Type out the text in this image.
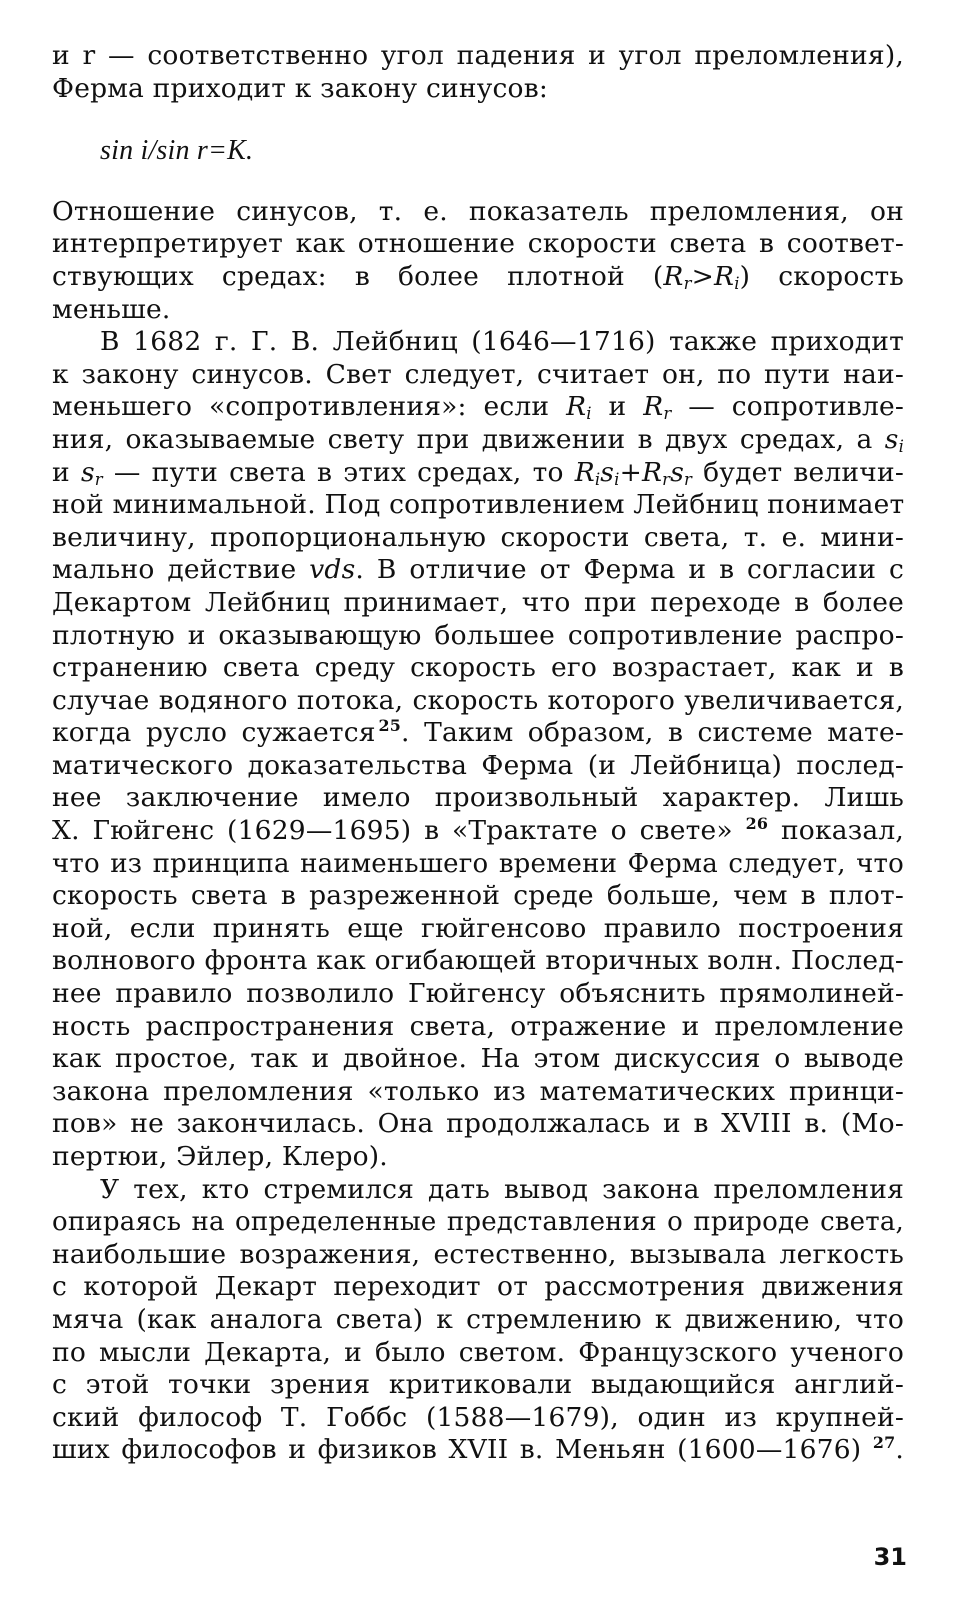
и r — соответственно угол падения и угол преломления),
Ферма приходит к закону синусов:
sin i/sin r=K.
Отношение синусов, т. е. показатель преломления, он
интерпретирует как отношение скорости света в соответ-
ствующих средах: в более плотной $(R_r>R_i)$ скорость
меньше.
В 1682 г. Г. В. Лейбниц (1646—1716) также приходит
к закону синусов. Свет следует, считает он, по пути наи-
меньшего «сопротивления»: если $R_i$ и $R_r$ — сопротивле-
ния, оказываемые свету при движении в двух средах, а $s_i$
и $s_r$ — пути света в этих средах, то $R_is_i+R_rs_r$ будет величи-
ной минимальной. Под сопротивлением Лейбниц понимает
величину, пропорциональную скорости света, т. е. мини-
мально действие vds. В отличие от Ферма и в согласии с
Декартом Лейбниц принимает, что при переходе в более
плотную и оказывающую большее сопротивление распро-
странению света среду скорость его возрастает, как и в
случае водяного потока, скорость которого увеличивается,
когда русло сужается  $^{25}$. Таким образом, в системе мате-
матического доказательства Ферма (и Лейбница) послед-
нее заключение имело произвольный характер. Лишь
Х. Гюйгенс (1629—1695) в «Трактате о свете» $^{26}$ показал,
что из принципа наименьшего времени Ферма следует, что
скорость света в разреженной среде больше, чем в плот-
ной, если принять еще гюйгенсово правило построения
волнового фронта как огибающей вторичных волн. Послед-
нее правило позволило Гюйгенсу объяснить прямолиней-
ность распространения света, отражение и преломление
как простое, так и двойное. На этом дискуссия о выводе
закона преломления «только из математических принци-
пов» не закончилась. Она продолжалась и в XVIII в. (Мо-
пертюи, Эйлер, Клеро).
У тех, кто стремился дать вывод закона преломления
опираясь на определенные представления о природе света,
наибольшие возражения, естественно, вызывала легкость
с которой Декарт переходит от рассмотрения движения
мяча (как аналога света) к стремлению к движению, что
по мысли Декарта, и было светом. Французского ученого
с этой точки зрения критиковали выдающийся англий-
ский философ Т. Гоббс (1588—1679), один из крупней-
ших философов и физиков XVII в. Меньян (1600—1676) $^{27}$.
31
